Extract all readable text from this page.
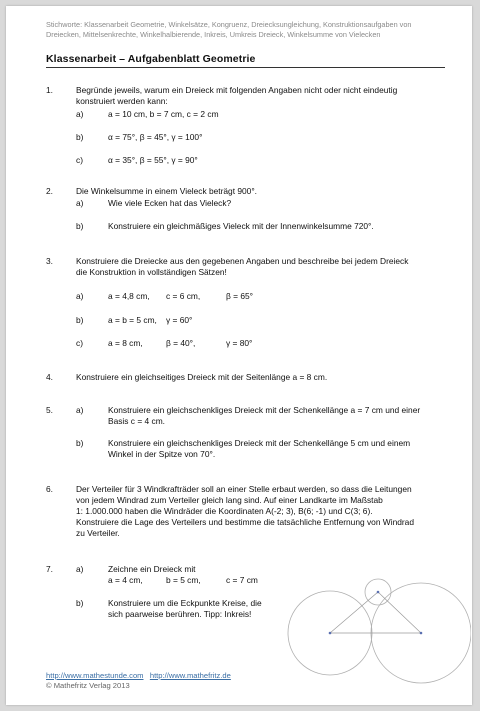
Stichworte: Klassenarbeit Geometrie, Winkelsätze, Kongruenz, Dreiecksungleichung, Konstruktionsaufgaben von Dreiecken, Mittelsenkrechte, Winkelhalbierende, Inkreis, Umkreis Dreieck, Winkelsumme von Vielecken
Klassenarbeit – Aufgabenblatt Geometrie
1.	Begründe jeweils, warum ein Dreieck mit folgenden Angaben nicht oder nicht eindeutig
konstruiert werden kann:
a)	a = 10 cm, b = 7 cm, c = 2 cm
b)	α = 75°, β = 45°, γ = 100°
c)	α = 35°, β = 55°, γ = 90°
2.	Die Winkelsumme in einem Vieleck beträgt 900°.
a)	Wie viele Ecken hat das Vieleck?
b)	Konstruiere ein gleichmäßiges Vieleck mit der Innenwinkelsumme 720°.
3.	Konstruiere die Dreiecke aus den gegebenen Angaben und beschreibe bei jedem Dreieck
die Konstruktion in vollständigen Sätzen!
a)	a = 4,8 cm, c = 6 cm,	β = 65°
b)	a = b = 5 cm, γ = 60°
c)	a = 8 cm,	β = 40°,	γ = 80°
4.	Konstruiere ein gleichseitiges Dreieck mit der Seitenlänge a = 8 cm.
5.	a)	Konstruiere ein gleichschenkliges Dreieck mit der Schenkellänge a = 7 cm und einer
Basis c = 4 cm.
b)	Konstruiere ein gleichschenkliges Dreieck mit der Schenkellänge 5 cm und einem
Winkel in der Spitze von 70°.
6.	Der Verteiler für 3 Windkrafträder soll an einer Stelle erbaut werden, so dass die Leitungen
von jedem Windrad zum Verteiler gleich lang sind. Auf einer Landkarte im Maßstab
1: 1.000.000 haben die Windräder die Koordinaten A(-2; 3), B(6; -1) und C(3; 6).
Konstruiere die Lage des Verteilers und bestimme die tatsächliche Entfernung von Windrad
zu Verteiler.
7.	a)	Zeichne ein Dreieck mit
a = 4 cm,	b = 5 cm,	c = 7 cm
b)	Konstruiere um die Eckpunkte Kreise, die
sich paarweise berühren. Tipp: Inkreis!
http://www.mathestunde.com http://www.mathefritz.de
© Mathefritz Verlag 2013
